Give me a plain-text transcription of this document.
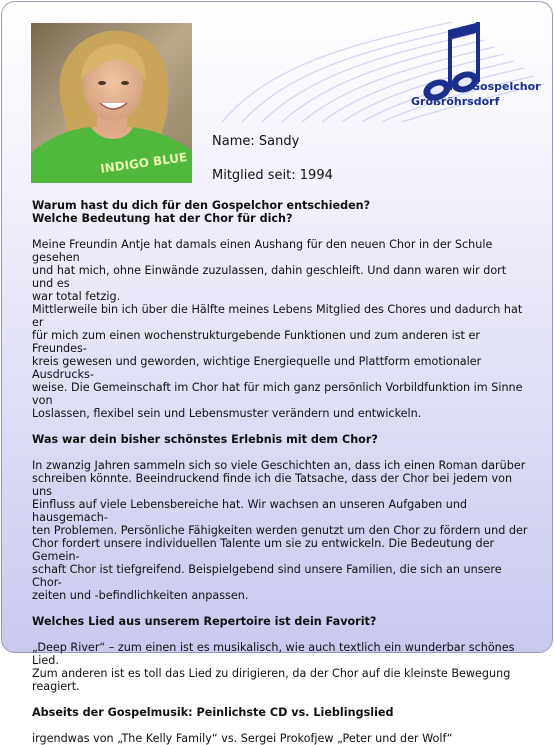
INDIGO BLUE
Gospelchor
Großröhrsdorf
Name: Sandy
Mitglied seit: 1994

Warum hast du dich für den Gospelchor entschieden?

Welche Bedeutung hat der Chor für dich?

Meine Freundin Antje hat damals einen Aushang für den neuen Chor in der Schule gesehen

und hat mich, ohne Einwände zuzulassen, dahin geschleift. Und dann waren wir dort und es

war total fetzig.

Mittlerweile bin ich über die Hälfte meines Lebens Mitglied des Chores und dadurch hat er

für mich zum einen wochenstrukturgebende Funktionen und zum anderen ist er Freundes-

kreis gewesen und geworden, wichtige Energiequelle und Plattform emotionaler Ausdrucks-

weise. Die Gemeinschaft im Chor hat für mich ganz persönlich Vorbildfunktion im Sinne von

Loslassen, flexibel sein und Lebensmuster verändern und entwickeln.

Was war dein bisher schönstes Erlebnis mit dem Chor?

In zwanzig Jahren sammeln sich so viele Geschichten an, dass ich einen Roman darüber

schreiben könnte. Beeindruckend finde ich die Tatsache, dass der Chor bei jedem von uns

Einfluss auf viele Lebensbereiche hat. Wir wachsen an unseren Aufgaben und hausgemach-

ten Problemen. Persönliche Fähigkeiten werden genutzt um den Chor zu fördern und der

Chor fordert unsere individuellen Talente um sie zu entwickeln. Die Bedeutung der Gemein-

schaft Chor ist tiefgreifend. Beispielgebend sind unsere Familien, die sich an unsere Chor-

zeiten und -befindlichkeiten anpassen.

Welches Lied aus unserem Repertoire ist dein Favorit?

„Deep River“ – zum einen ist es musikalisch, wie auch textlich ein wunderbar schönes Lied.

Zum anderen ist es toll das Lied zu dirigieren, da der Chor auf die kleinste Bewegung

reagiert.

Abseits der Gospelmusik: Peinlichste CD vs. Lieblingslied

irgendwas von „The Kelly Family“ vs. Sergei Prokofjew „Peter und der Wolf“
